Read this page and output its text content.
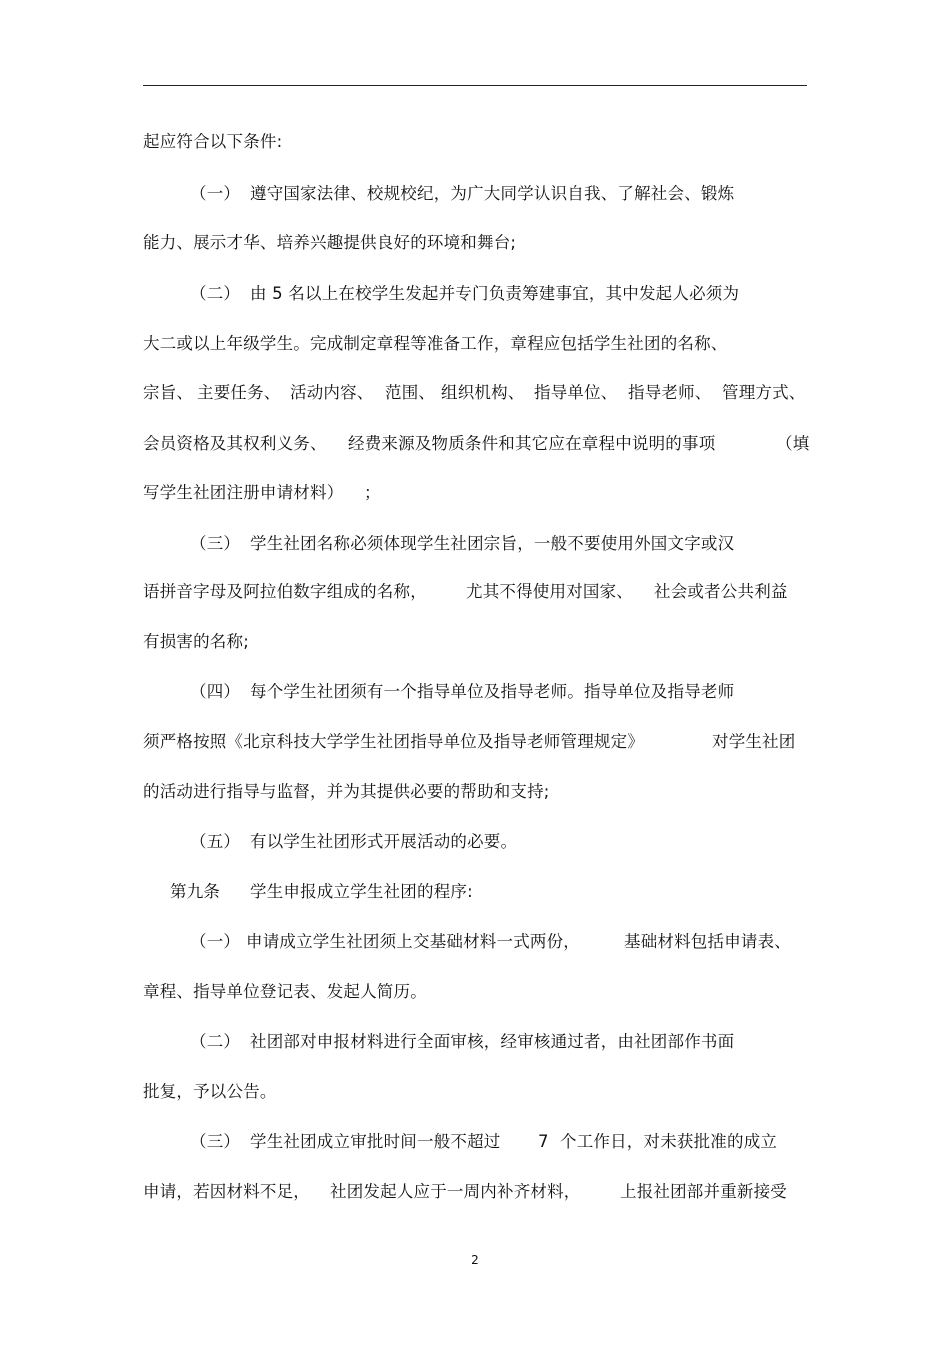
起应符合以下条件:
（一） 遵守国家法律、校规校纪，为广大同学认识自我、了解社会、锻炼
能力、展示才华、培养兴趣提供良好的环境和舞台;
（二） 由 5 名以上在校学生发起并专门负责筹建事宜，其中发起人必须为
大二或以上年级学生。完成制定章程等准备工作，章程应包括学生社团的名称、
宗旨、 主要任务、 活动内容、 范围、 组织机构、 指导单位、 指导老师、 管理方式、
会员资格及其权利义务、 经费来源及物质条件和其它应在章程中说明的事项	（填
写学生社团注册申请材料） ；
（三） 学生社团名称必须体现学生社团宗旨，一般不要使用外国文字或汉
语拼音字母及阿拉伯数字组成的名称， 尤其不得使用对国家、 社会或者公共利益
有损害的名称;
（四） 每个学生社团须有一个指导单位及指导老师。指导单位及指导老师
须严格按照《北京科技大学学生社团指导单位及指导老师管理规定》	对学生社团
的活动进行指导与监督，并为其提供必要的帮助和支持;
（五） 有以学生社团形式开展活动的必要。
第九条 学生申报成立学生社团的程序:
（一） 申请成立学生社团须上交基础材料一式两份，	基础材料包括申请表、
章程、指导单位登记表、发起人简历。
（二） 社团部对申报材料进行全面审核，经审核通过者，由社团部作书面
批复，予以公告。
（三） 学生社团成立审批时间一般不超过 7 个工作日，对未获批准的成立
申请，若因材料不足， 社团发起人应于一周内补齐材料， 上报社团部并重新接受
2
